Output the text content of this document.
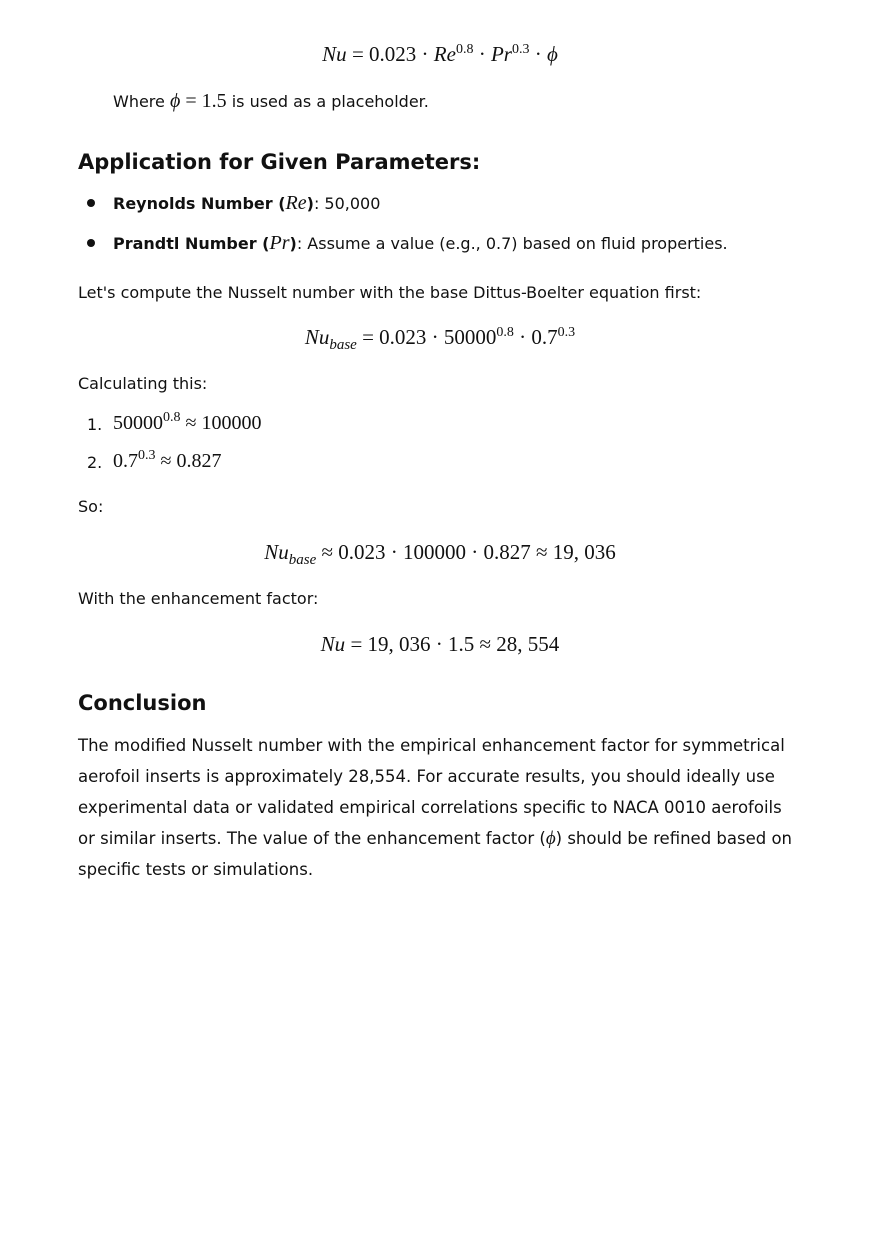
$Nu = 0.023 \cdot Re^{0.8} \cdot Pr^{0.3} \cdot \phi$
Where ϕ = 1.5 is used as a placeholder.
Application for Given Parameters:
Reynolds Number (Re): 50,000
Prandtl Number (Pr): Assume a value (e.g., 0.7) based on fluid properties.
Let's compute the Nusselt number with the base Dittus-Boelter equation first:
$Nu_{base} = 0.023 \cdot 50000^{0.8} \cdot 0.7^{0.3}$
Calculating this:
1. $50000^{0.8} \approx 100000$
2. $0.7^{0.3} \approx 0.827$
So:
$Nu_{base} \approx 0.023 \cdot 100000 \cdot 0.827 \approx 19$, 036
With the enhancement factor:
Nu = 19, 036 · 1.5 ≈ 28, 554
Conclusion
The modified Nusselt number with the empirical enhancement factor for symmetrical
aerofoil inserts is approximately 28,554. For accurate results, you should ideally use
experimental data or validated empirical correlations specific to NACA 0010 aerofoils
or similar inserts. The value of the enhancement factor (ϕ) should be refined based on
specific tests or simulations.
